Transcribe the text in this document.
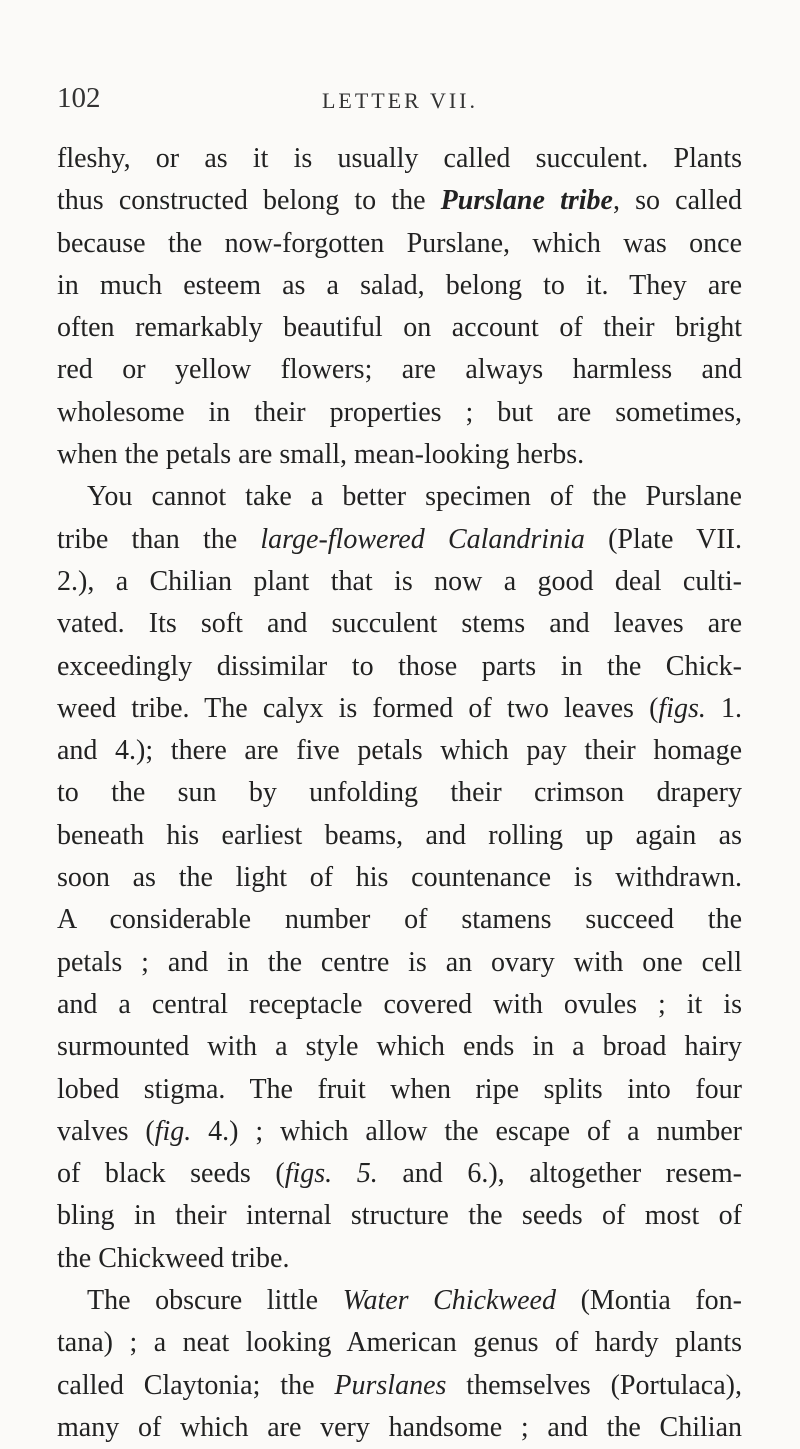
102	LETTER VII.
fleshy, or as it is usually called succulent. Plants
thus constructed belong to the Purslane tribe, so called
because the now-forgotten Purslane, which was once
in much esteem as a salad, belong to it. They are
often remarkably beautiful on account of their bright
red or yellow flowers; are always harmless and
wholesome in their properties ; but are sometimes,
when the petals are small, mean-looking herbs.
You cannot take a better specimen of the Purslane
tribe than the large-flowered Calandrinia (Plate VII.
2.), a Chilian plant that is now a good deal culti-
vated. Its soft and succulent stems and leaves are
exceedingly dissimilar to those parts in the Chick-
weed tribe. The calyx is formed of two leaves (figs. 1.
and 4.); there are five petals which pay their homage
to the sun by unfolding their crimson drapery
beneath his earliest beams, and rolling up again as
soon as the light of his countenance is withdrawn.
A considerable number of stamens succeed the
petals ; and in the centre is an ovary with one cell
and a central receptacle covered with ovules ; it is
surmounted with a style which ends in a broad hairy
lobed stigma. The fruit when ripe splits into four
valves (fig. 4.) ; which allow the escape of a number
of black seeds (figs. 5. and 6.), altogether resem-
bling in their internal structure the seeds of most of
the Chickweed tribe.
The obscure little Water Chickweed (Montia fon-
tana) ; a neat looking American genus of hardy plants
called Claytonia; the Purslanes themselves (Portulaca),
many of which are very handsome ; and the Chilian
